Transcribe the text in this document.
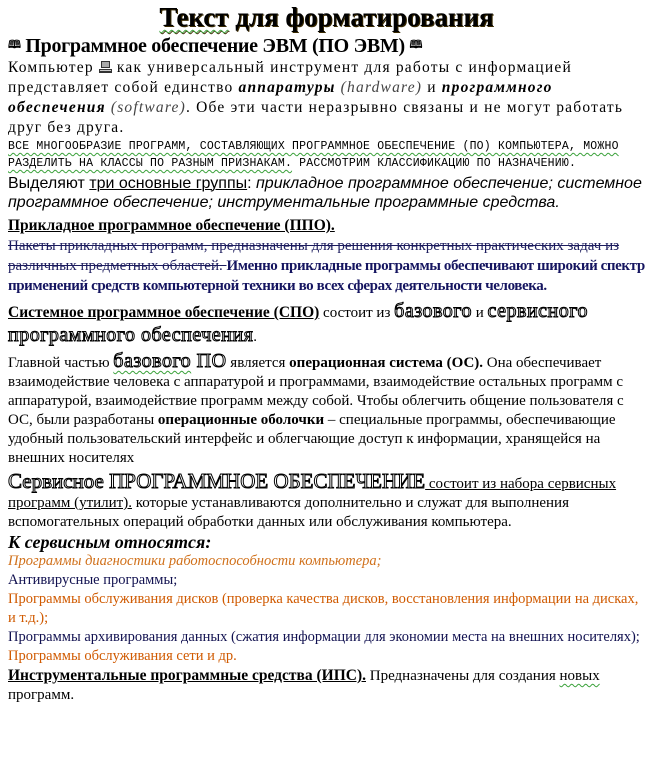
Текст для форматирования
🕮 Программное обеспечение ЭВМ (ПО ЭВМ) 🕮
Компьютер  как универсальный инструмент для работы с информацией представляет собой единство аппаратуры (hardware) и программного обеспечения (software). Обе эти части неразрывно связаны и не могут работать друг без друга.
ВСЕ МНОГООБРАЗИЕ ПРОГРАММ, СОСТАВЛЯЮЩИХ ПРОГРАММНОЕ ОБЕСПЕЧЕНИЕ (ПО) КОМПЬЮТЕРА, МОЖНО РАЗДЕЛИТЬ НА КЛАССЫ ПО РАЗНЫМ ПРИЗНАКАМ. РАССМОТРИМ КЛАССИФИКАЦИЮ ПО НАЗНАЧЕНИЮ.
Выделяют три основные группы: прикладное программное обеспечение; системное программное обеспечение; инструментальные программные средства.
Прикладное программное обеспечение (ППО).
Пакеты прикладных программ, предназначены для решения конкретных практических задач из различных предметных областей. Именно прикладные программы обеспечивают широкий спектр применений средств компьютерной техники во всех сферах деятельности человека.
Системное программное обеспечение (СПО) состоит из базового и сервисного программного обеспечения.
Главной частью базового ПО является операционная система (ОС). Она обеспечивает взаимодействие человека с аппаратурой и программами, взаимодействие остальных программ с аппаратурой, взаимодействие программ между собой. Чтобы облегчить общение пользователя с ОС, были разработаны операционные оболочки – специальные программы, обеспечивающие удобный пользовательский интерфейс и облегчающие доступ к информации, хранящейся на внешних носителях
Сервисное ПРОГРАММНОЕ ОБЕСПЕЧЕНИЕ состоит из набора сервисных программ (утилит). которые устанавливаются дополнительно и служат для выполнения вспомогательных операций обработки данных или обслуживания компьютера.
К сервисным относятся:
Программы диагностики работоспособности компьютера;
Антивирусные программы;
Программы обслуживания дисков (проверка качества дисков, восстановления информации на дисках, и т.д.);
Программы архивирования данных (сжатия информации для экономии места на внешних носителях);
Программы обслуживания сети и др.
Инструментальные программные средства (ИПС). Предназначены для создания новых программ.
